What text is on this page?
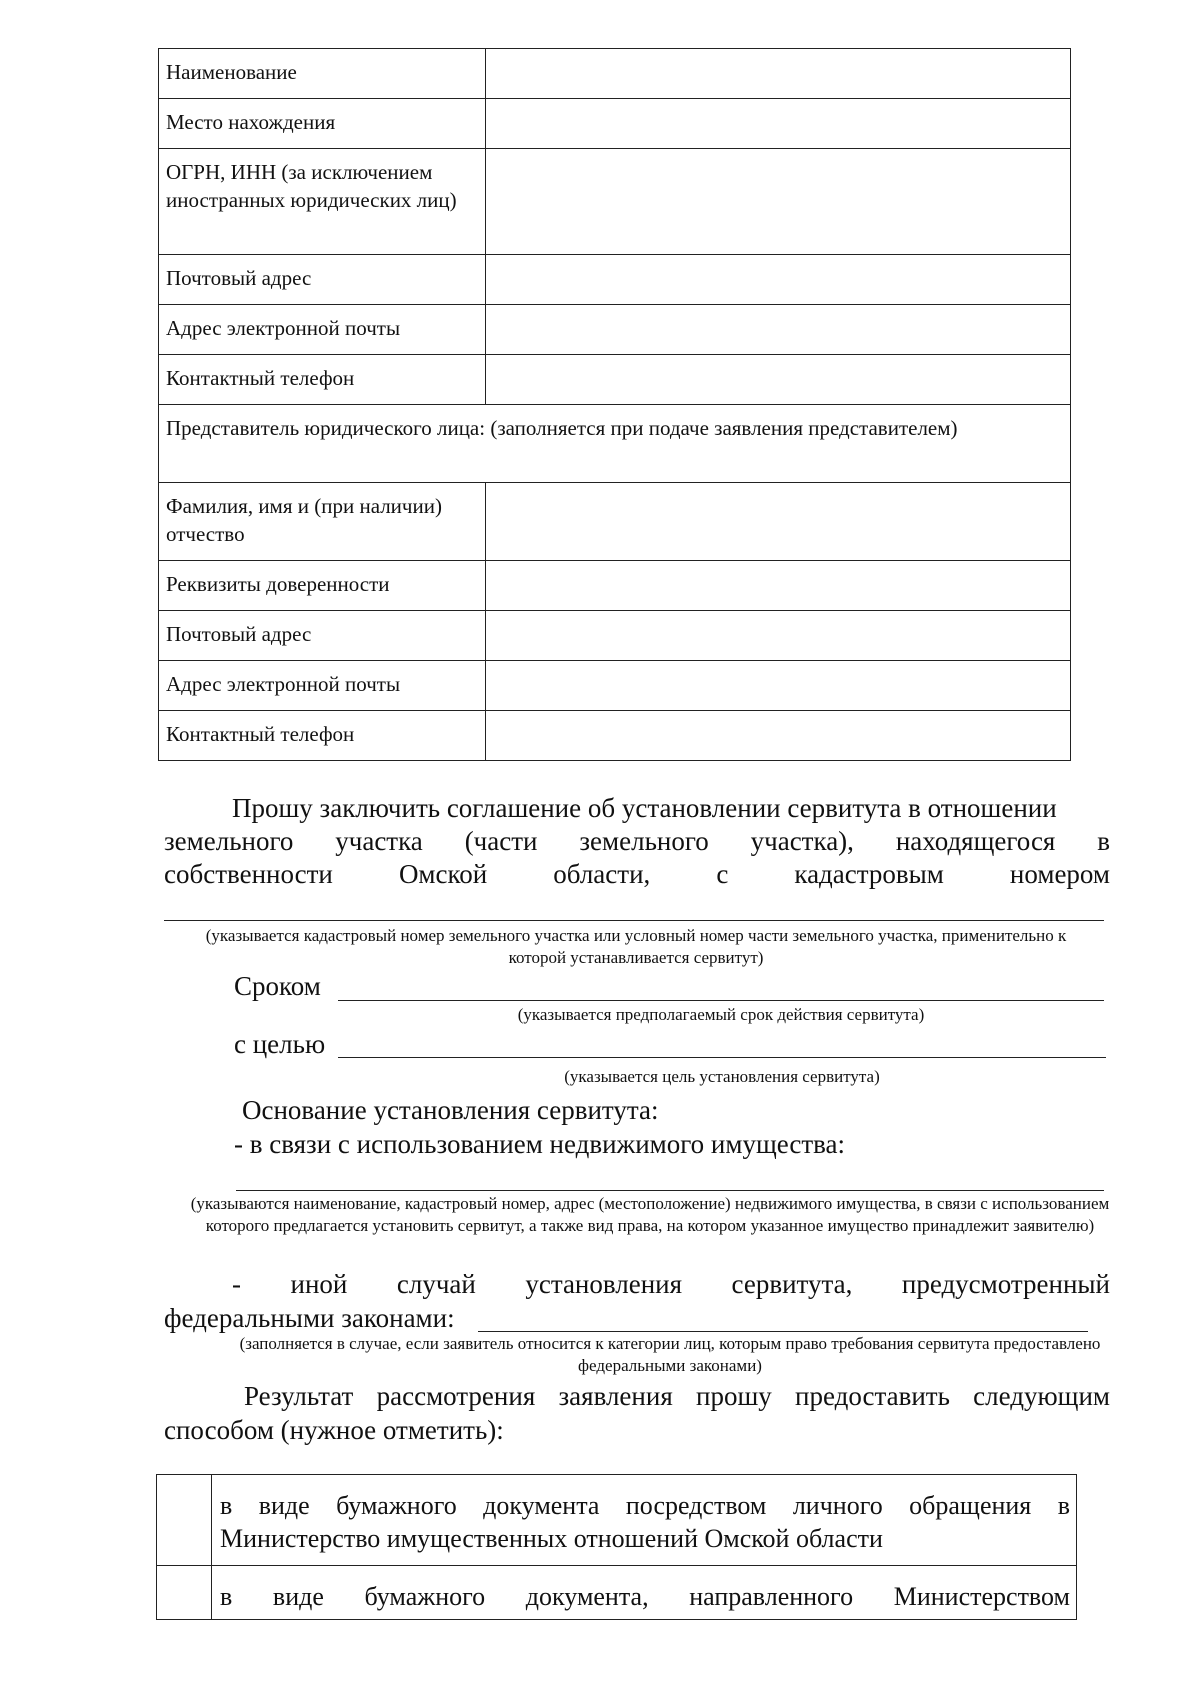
Наименование	
Место нахождения	
ОГРН, ИНН (за исключением иностранных юридических лиц)	
Почтовый адрес	
Адрес электронной почты	
Контактный телефон	
Представитель юридического лица: (заполняется при подаче заявления представителем)	
Фамилия, имя и (при наличии) отчество	
Реквизиты доверенности	
Почтовый адрес	
Адрес электронной почты	
Контактный телефон	
Прошу заключить соглашение об установлении сервитута в отношении
земельного участка (части земельного участка), находящегося в
собственности Омской области, с кадастровым номером
(указывается кадастровый номер земельного участка или условный номер части земельного участка, применительно к которой устанавливается сервитут)
Сроком
(указывается предполагаемый срок действия сервитута)
с целью
(указывается цель установления сервитута)
Основание установления сервитута:
- в связи с использованием недвижимого имущества:
(указываются наименование, кадастровый номер, адрес (местоположение) недвижимого имущества, в связи с использованием которого предлагается установить сервитут, а также вид права, на котором указанное имущество принадлежит заявителю)
- иной случай установления сервитута, предусмотренный
федеральными законами:
(заполняется в случае, если заявитель относится к категории лиц, которым право требования сервитута предоставлено федеральными законами)
Результат рассмотрения заявления прошу предоставить следующим
способом (нужное отметить):
	в виде бумажного документа посредством личного обращения в Министерство имущественных отношений Омской области
	в виде бумажного документа, направленного Министерством
